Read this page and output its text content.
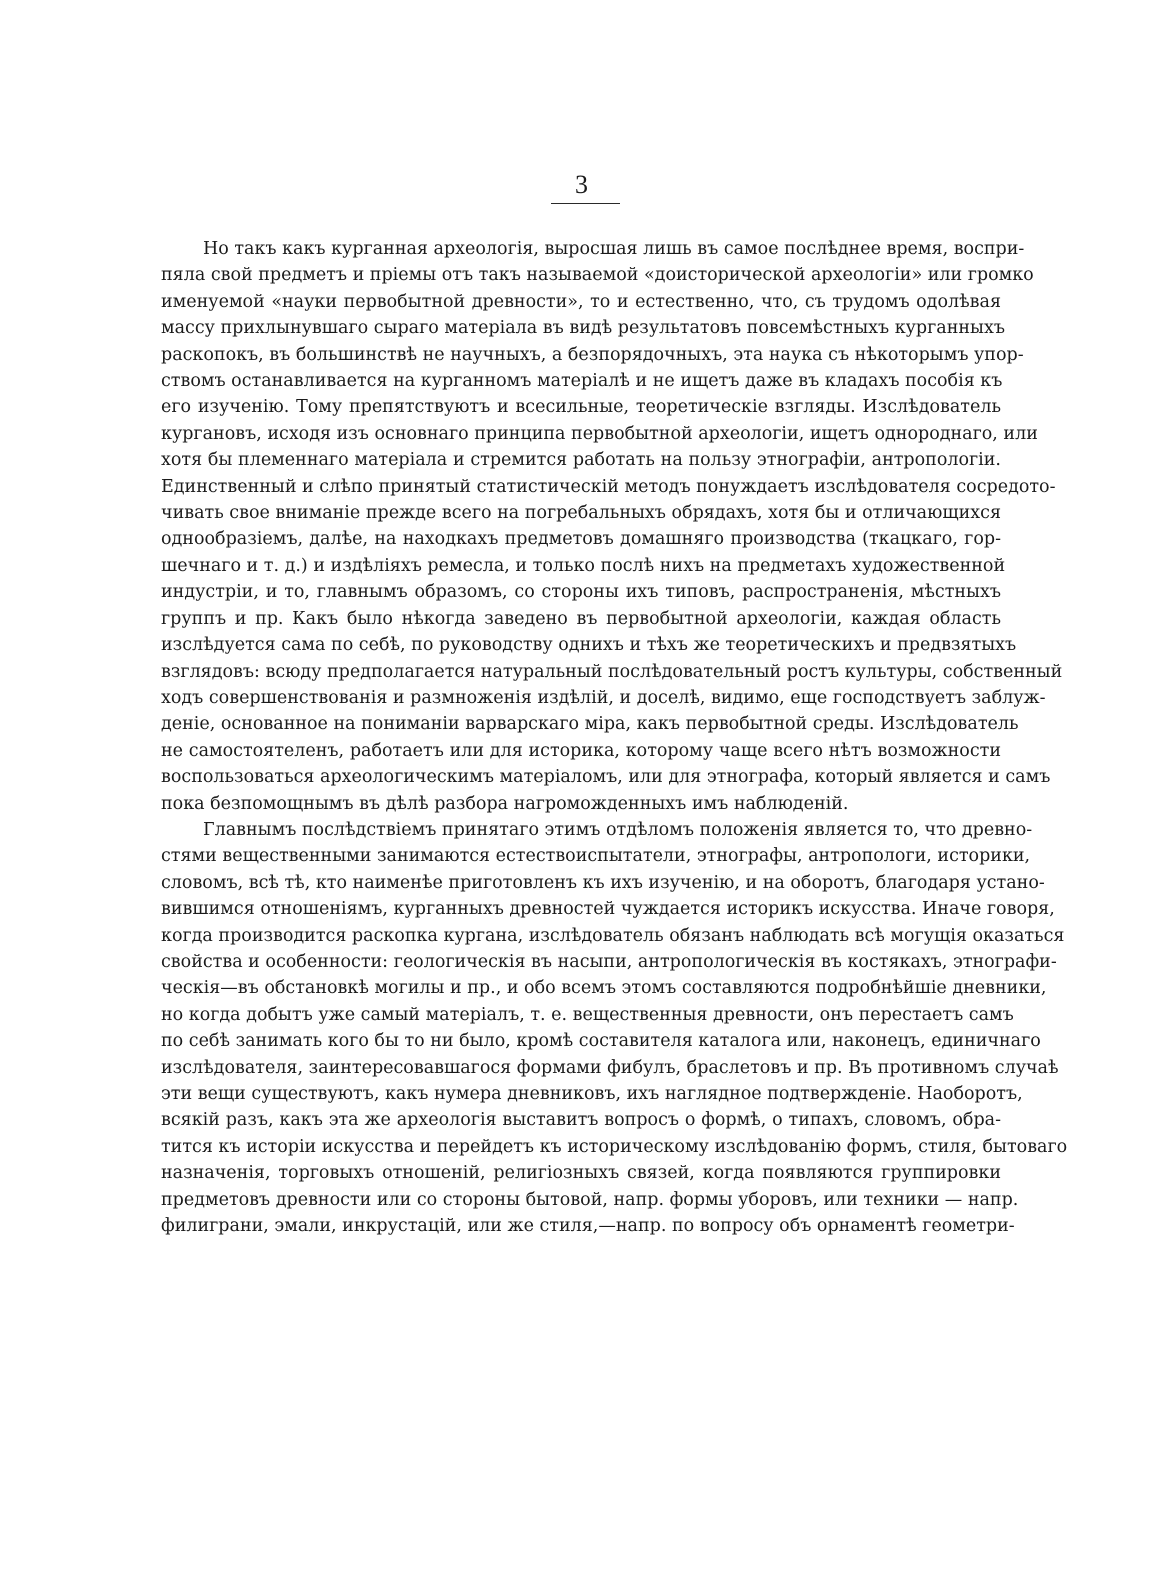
3
Но такъ какъ курганная археологія, выросшая лишь въ самое послѣднее время, воспри-
пяла свой предметъ и пріемы отъ такъ называемой «доисторической археологіи» или громко
именуемой «науки первобытной древности», то и естественно, что, съ трудомъ одолѣвая
массу прихлынувшаго сыраго матеріала въ видѣ результатовъ повсемѣстныхъ курганныхъ
раскопокъ, въ большинствѣ не научныхъ, а безпорядочныхъ, эта наука съ нѣкоторымъ упор-
ствомъ останавливается на курганномъ матеріалѣ и не ищетъ даже въ кладахъ пособія къ
его изученію. Тому препятствуютъ и всесильные, теоретическіе взгляды. Изслѣдователь
кургановъ, исходя изъ основнаго принципа первобытной археологіи, ищетъ однороднаго, или
хотя бы племеннаго матеріала и стремится работать на пользу этнографіи, антропологіи.
Единственный и слѣпо принятый статистическій методъ понуждаетъ изслѣдователя сосредото-
чивать свое вниманіе прежде всего на погребальныхъ обрядахъ, хотя бы и отличающихся
однообразіемъ, далѣе, на находкахъ предметовъ домашняго производства (ткацкаго, гор-
шечнаго и т. д.) и издѣліяхъ ремесла, и только послѣ нихъ на предметахъ художественной
индустріи, и то, главнымъ образомъ, со стороны ихъ типовъ, распространенія, мѣстныхъ
группъ и пр. Какъ было нѣкогда заведено въ первобытной археологіи, каждая область
изслѣдуется сама по себѣ, по руководству однихъ и тѣхъ же теоретическихъ и предвзятыхъ
взглядовъ: всюду предполагается натуральный послѣдовательный ростъ культуры, собственный
ходъ совершенствованія и размноженія издѣлій, и доселѣ, видимо, еще господствуетъ заблуж-
деніе, основанное на пониманіи варварскаго міра, какъ первобытной среды. Изслѣдователь
не самостоятеленъ, работаетъ или для историка, которому чаще всего нѣтъ возможности
воспользоваться археологическимъ матеріаломъ, или для этнографа, который является и самъ
пока безпомощнымъ въ дѣлѣ разбора нагроможденныхъ имъ наблюденій.
Главнымъ послѣдствіемъ принятаго этимъ отдѣломъ положенія является то, что древно-
стями вещественными занимаются естествоиспытатели, этнографы, антропологи, историки,
словомъ, всѣ тѣ, кто наименѣе приготовленъ къ ихъ изученію, и на оборотъ, благодаря устано-
вившимся отношеніямъ, курганныхъ древностей чуждается историкъ искусства. Иначе говоря,
когда производится раскопка кургана, изслѣдователь обязанъ наблюдать всѣ могущія оказаться
свойства и особенности: геологическія въ насыпи, антропологическія въ костякахъ, этнографи-
ческія—въ обстановкѣ могилы и пр., и обо всемъ этомъ составляются подробнѣйшіе дневники,
но когда добытъ уже самый матеріалъ, т. е. вещественныя древности, онъ перестаетъ самъ
по себѣ занимать кого бы то ни было, кромѣ составителя каталога или, наконецъ, единичнаго
изслѣдователя, заинтересовавшагося формами фибулъ, браслетовъ и пр. Въ противномъ случаѣ
эти вещи существуютъ, какъ нумера дневниковъ, ихъ наглядное подтвержденіе. Наоборотъ,
всякій разъ, какъ эта же археологія выставитъ вопросъ о формѣ, о типахъ, словомъ, обра-
тится къ исторіи искусства и перейдетъ къ историческому изслѣдованію формъ, стиля, бытоваго
назначенія, торговыхъ отношеній, религіозныхъ связей, когда появляются группировки
предметовъ древности или со стороны бытовой, напр. формы уборовъ, или техники — напр.
филиграни, эмали, инкрустацій, или же стиля,—напр. по вопросу объ орнаментѣ геометри-
